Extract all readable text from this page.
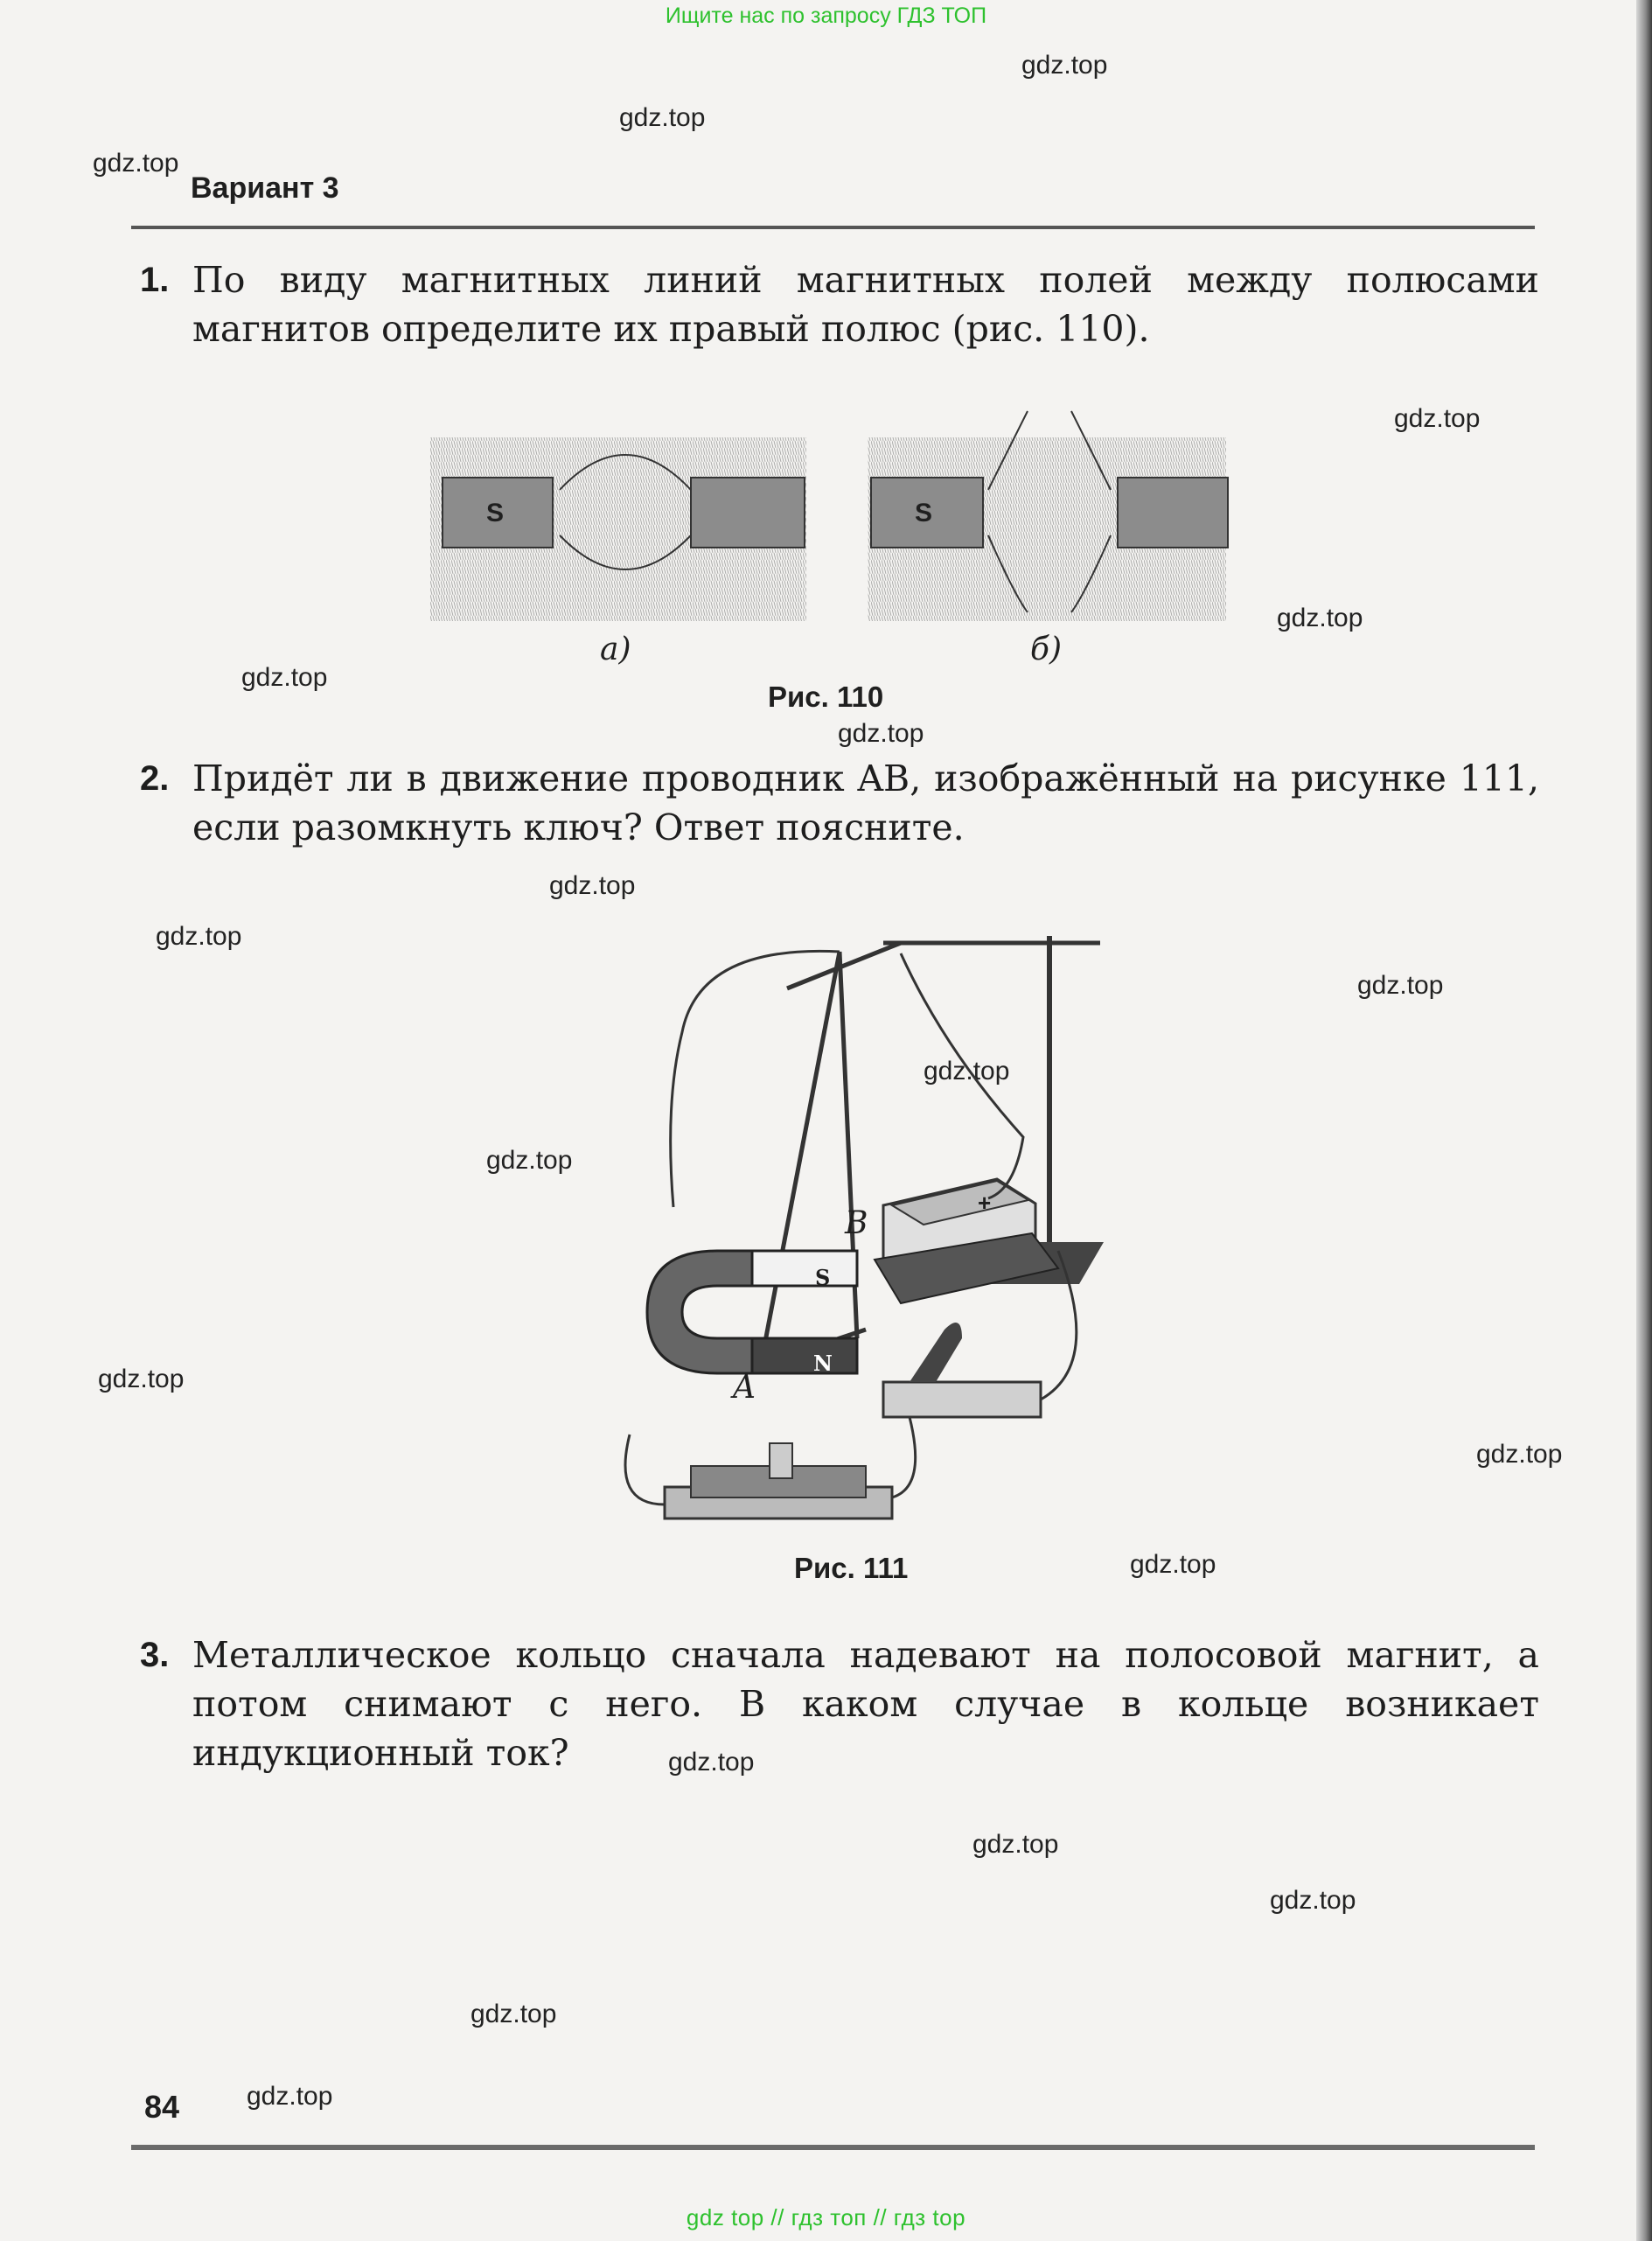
Ищите нас по запросу ГДЗ ТОП
gdz.top
gdz.top
gdz.top
gdz.top
gdz.top
gdz.top
gdz.top
gdz.top
gdz.top
gdz.top
gdz.top
gdz.top
gdz.top
gdz.top
gdz.top
gdz.top
gdz.top
gdz.top
gdz.top
gdz.top
Вариант 3
1. По виду магнитных линий магнитных полей между полюсами магнитов определите их правый полюс (рис. 110).
S	S
а)	б)
Рис. 110
2. Придёт ли в движение проводник AB, изображённый на рисунке 111, если разомкнуть ключ? Ответ поясните.
B
A
S
N
+
Рис. 111
3. Металлическое кольцо сначала надевают на полосовой магнит, а потом снимают с него. В каком случае в кольце возникает индукционный ток?
84
gdz top // гдз топ // гдз top
